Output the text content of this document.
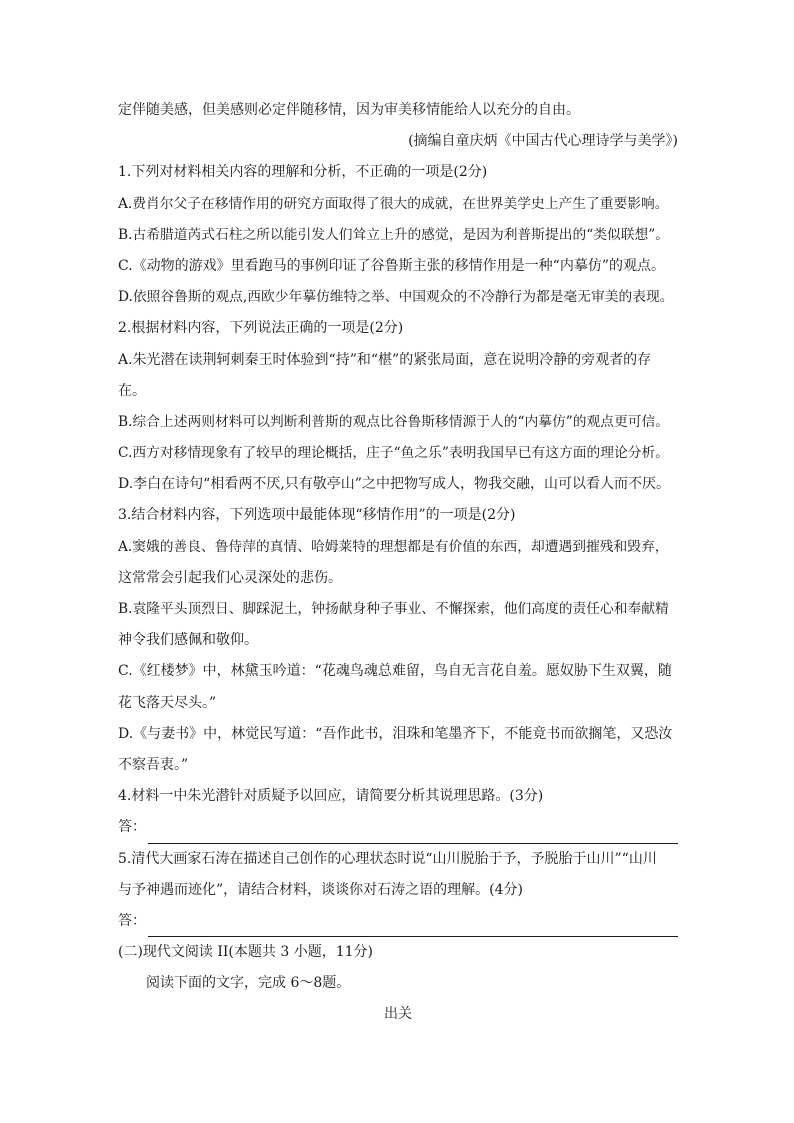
定伴随美感，但美感则必定伴随移情，因为审美移情能给人以充分的自由。
(摘编自童庆炳《中国古代心理诗学与美学》)
1.下列对材料相关内容的理解和分析，不正确的一项是(2分)
A.费肖尔父子在移情作用的研究方面取得了很大的成就，在世界美学史上产生了重要影响。
B.古希腊道芮式石柱之所以能引发人们耸立上升的感觉，是因为利普斯提出的“类似联想”。
C.《动物的游戏》里看跑马的事例印证了谷鲁斯主张的移情作用是一种“内摹仿”的观点。
D.依照谷鲁斯的观点,西欧少年摹仿维特之举、中国观众的不冷静行为都是毫无审美的表现。
2.根据材料内容，下列说法正确的一项是(2分)
A.朱光潜在读荆轲刺秦王时体验到“持”和“椹”的紧张局面，意在说明冷静的旁观者的存
在。
B.综合上述两则材料可以判断利普斯的观点比谷鲁斯移情源于人的“内摹仿”的观点更可信。
C.西方对移情现象有了较早的理论概括，庄子“鱼之乐”表明我国早已有这方面的理论分析。
D.李白在诗句“相看两不厌,只有敬亭山”之中把物写成人，物我交融，山可以看人而不厌。
3.结合材料内容，下列选项中最能体现“移情作用”的一项是(2分)
A.窦娥的善良、鲁侍萍的真情、哈姆莱特的理想都是有价值的东西，却遭遇到摧残和毁弃，
这常常会引起我们心灵深处的悲伤。
B.袁隆平头顶烈日、脚踩泥土，钟扬献身种子事业、不懈探索，他们高度的责任心和奉献精
神令我们感佩和敬仰。
C.《红楼梦》中，林黛玉吟道：“花魂鸟魂总难留，鸟自无言花自羞。愿奴胁下生双翼，随
花飞落天尽头。”
D.《与妻书》中，林觉民写道：“吾作此书，泪珠和笔墨齐下，不能竟书而欲搁笔，又恐汝
不察吾衷。”
4.材料一中朱光潜针对质疑予以回应，请简要分析其说理思路。(3分)
答：
5.清代大画家石涛在描述自己创作的心理状态时说“山川脱胎于予，予脱胎于山川”“山川
与予神遇而迹化”，请结合材料，谈谈你对石涛之语的理解。(4分)
答：
(二)现代文阅读 II(本题共 3 小题，11分)
阅读下面的文字，完成 6～8题。
出关
